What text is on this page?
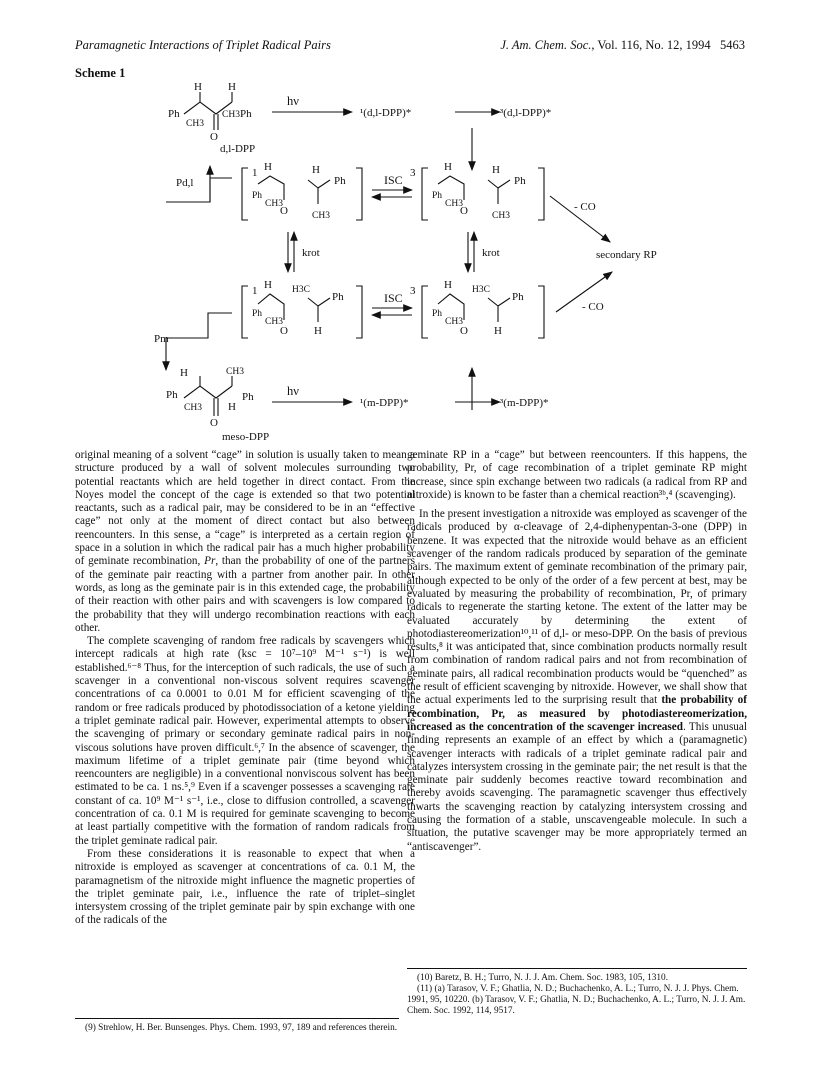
Paramagnetic Interactions of Triplet Radical Pairs	J. Am. Chem. Soc., Vol. 116, No. 12, 1994 5463
Scheme 1
H H
Ph
CH3
CH3 Ph
O
d,l-DPP
hν
¹(d,l-DPP)*	³(d,l-DPP)*
Pd,l
1	3
H	H
Ph
Ph
CH3
CH3
O
H	H
Ph
Ph
CH3
CH3
O
ISC
krot	krot
- CO
secondary RP
- CO
1	3
H H3C
Ph
Ph
CH3
H
O
H H3C
Ph
Ph
CH3
H
O
ISC
Pm
H	CH3
Ph
CH3 H
Ph
O
meso-DPP
hν
¹(m-DPP)*	³(m-DPP)*

original meaning of a solvent “cage” in solution is usually taken to mean a structure produced by a wall of solvent molecules surrounding two potential reactants which are held together in direct contact. From the Noyes model the concept of the cage is extended so that two potential reactants, such as a radical pair, may be considered to be in an “effective cage” not only at the moment of direct contact but also between reencounters. In this sense, a “cage” is interpreted as a certain region of space in a solution in which the radical pair has a much higher probability of geminate recombination, Pr, than the probability of one of the partners of the geminate pair reacting with a partner from another pair. In other words, as long as the geminate pair is in this extended cage, the probability of their reaction with other pairs and with scavengers is low compared to the probability that they will undergo recombination reactions with each other.

The complete scavenging of random free radicals by scavengers which intercept radicals at high rate (ksc = 10⁷–10⁹ M⁻¹ s⁻¹) is well established.⁶⁻⁸ Thus, for the interception of such radicals, the use of such a scavenger in a conventional non-viscous solvent requires scavenger concentrations of ca 0.0001 to 0.01 M for efficient scavenging of the random or free radicals produced by photodissociation of a ketone yielding a triplet geminate radical pair. However, experimental attempts to observe the scavenging of primary or secondary geminate radical pairs in non-viscous solutions have proven difficult.⁶,⁷ In the absence of scavenger, the maximum lifetime of a triplet geminate pair (time beyond which reencounters are negligible) in a conventional nonviscous solvent has been estimated to be ca. 1 ns.⁵,⁹ Even if a scavenger possesses a scavenging rate constant of ca. 10⁹ M⁻¹ s⁻¹, i.e., close to diffusion controlled, a scavenger concentration of ca. 0.1 M is required for geminate scavenging to become at least partially competitive with the formation of random radicals from the triplet geminate radical pair.

From these considerations it is reasonable to expect that when a nitroxide is employed as scavenger at concentrations of ca. 0.1 M, the paramagnetism of the nitroxide might influence the magnetic properties of the triplet geminate pair, i.e., influence the rate of triplet–singlet intersystem crossing of the triplet geminate pair by spin exchange with one of the radicals of the

(9) Strehlow, H. Ber. Bunsenges. Phys. Chem. 1993, 97, 189 and references therein.

geminate RP in a “cage” but between reencounters. If this happens, the probability, Pr, of cage recombination of a triplet geminate RP might increase, since spin exchange between two radicals (a radical from RP and nitroxide) is known to be faster than a chemical reaction³ᵇ,⁴ (scavenging).

In the present investigation a nitroxide was employed as scavenger of the radicals produced by α-cleavage of 2,4-diphenypentan-3-one (DPP) in benzene. It was expected that the nitroxide would behave as an efficient scavenger of the random radicals produced by separation of the geminate pairs. The maximum extent of geminate recombination of the primary pair, although expected to be only of the order of a few percent at best, may be evaluated by measuring the probability of recombination, Pr, of primary radicals to regenerate the starting ketone. The extent of the latter may be evaluated accurately by determining the extent of photodiastereomerization¹⁰,¹¹ of d,l- or meso-DPP. On the basis of previous results,⁸ it was anticipated that, since combination products normally result from combination of random radical pairs and not from recombination of geminate pairs, all radical recombination products would be “quenched” as the result of efficient scavenging by nitroxide. However, we shall show that the actual experiments led to the surprising result that the probability of recombination, Pr, as measured by photodiastereomerization, increased as the concentration of the scavenger increased. This unusual finding represents an example of an effect by which a (paramagnetic) scavenger interacts with radicals of a triplet geminate radical pair and catalyzes intersystem crossing in the geminate pair; the net result is that the geminate pair suddenly becomes reactive toward recombination and thereby avoids scavenging. The paramagnetic scavenger thus effectively thwarts the scavenging reaction by catalyzing intersystem crossing and causing the formation of a stable, unscavengeable molecule. In such a situation, the putative scavenger may be more appropriately termed an “antiscavenger”.

(10) Baretz, B. H.; Turro, N. J. J. Am. Chem. Soc. 1983, 105, 1310.

(11) (a) Tarasov, V. F.; Ghatlia, N. D.; Buchachenko, A. L.; Turro, N. J. J. Phys. Chem. 1991, 95, 10220. (b) Tarasov, V. F.; Ghatlia, N. D.; Buchachenko, A. L.; Turro, N. J. J. Am. Chem. Soc. 1992, 114, 9517.
